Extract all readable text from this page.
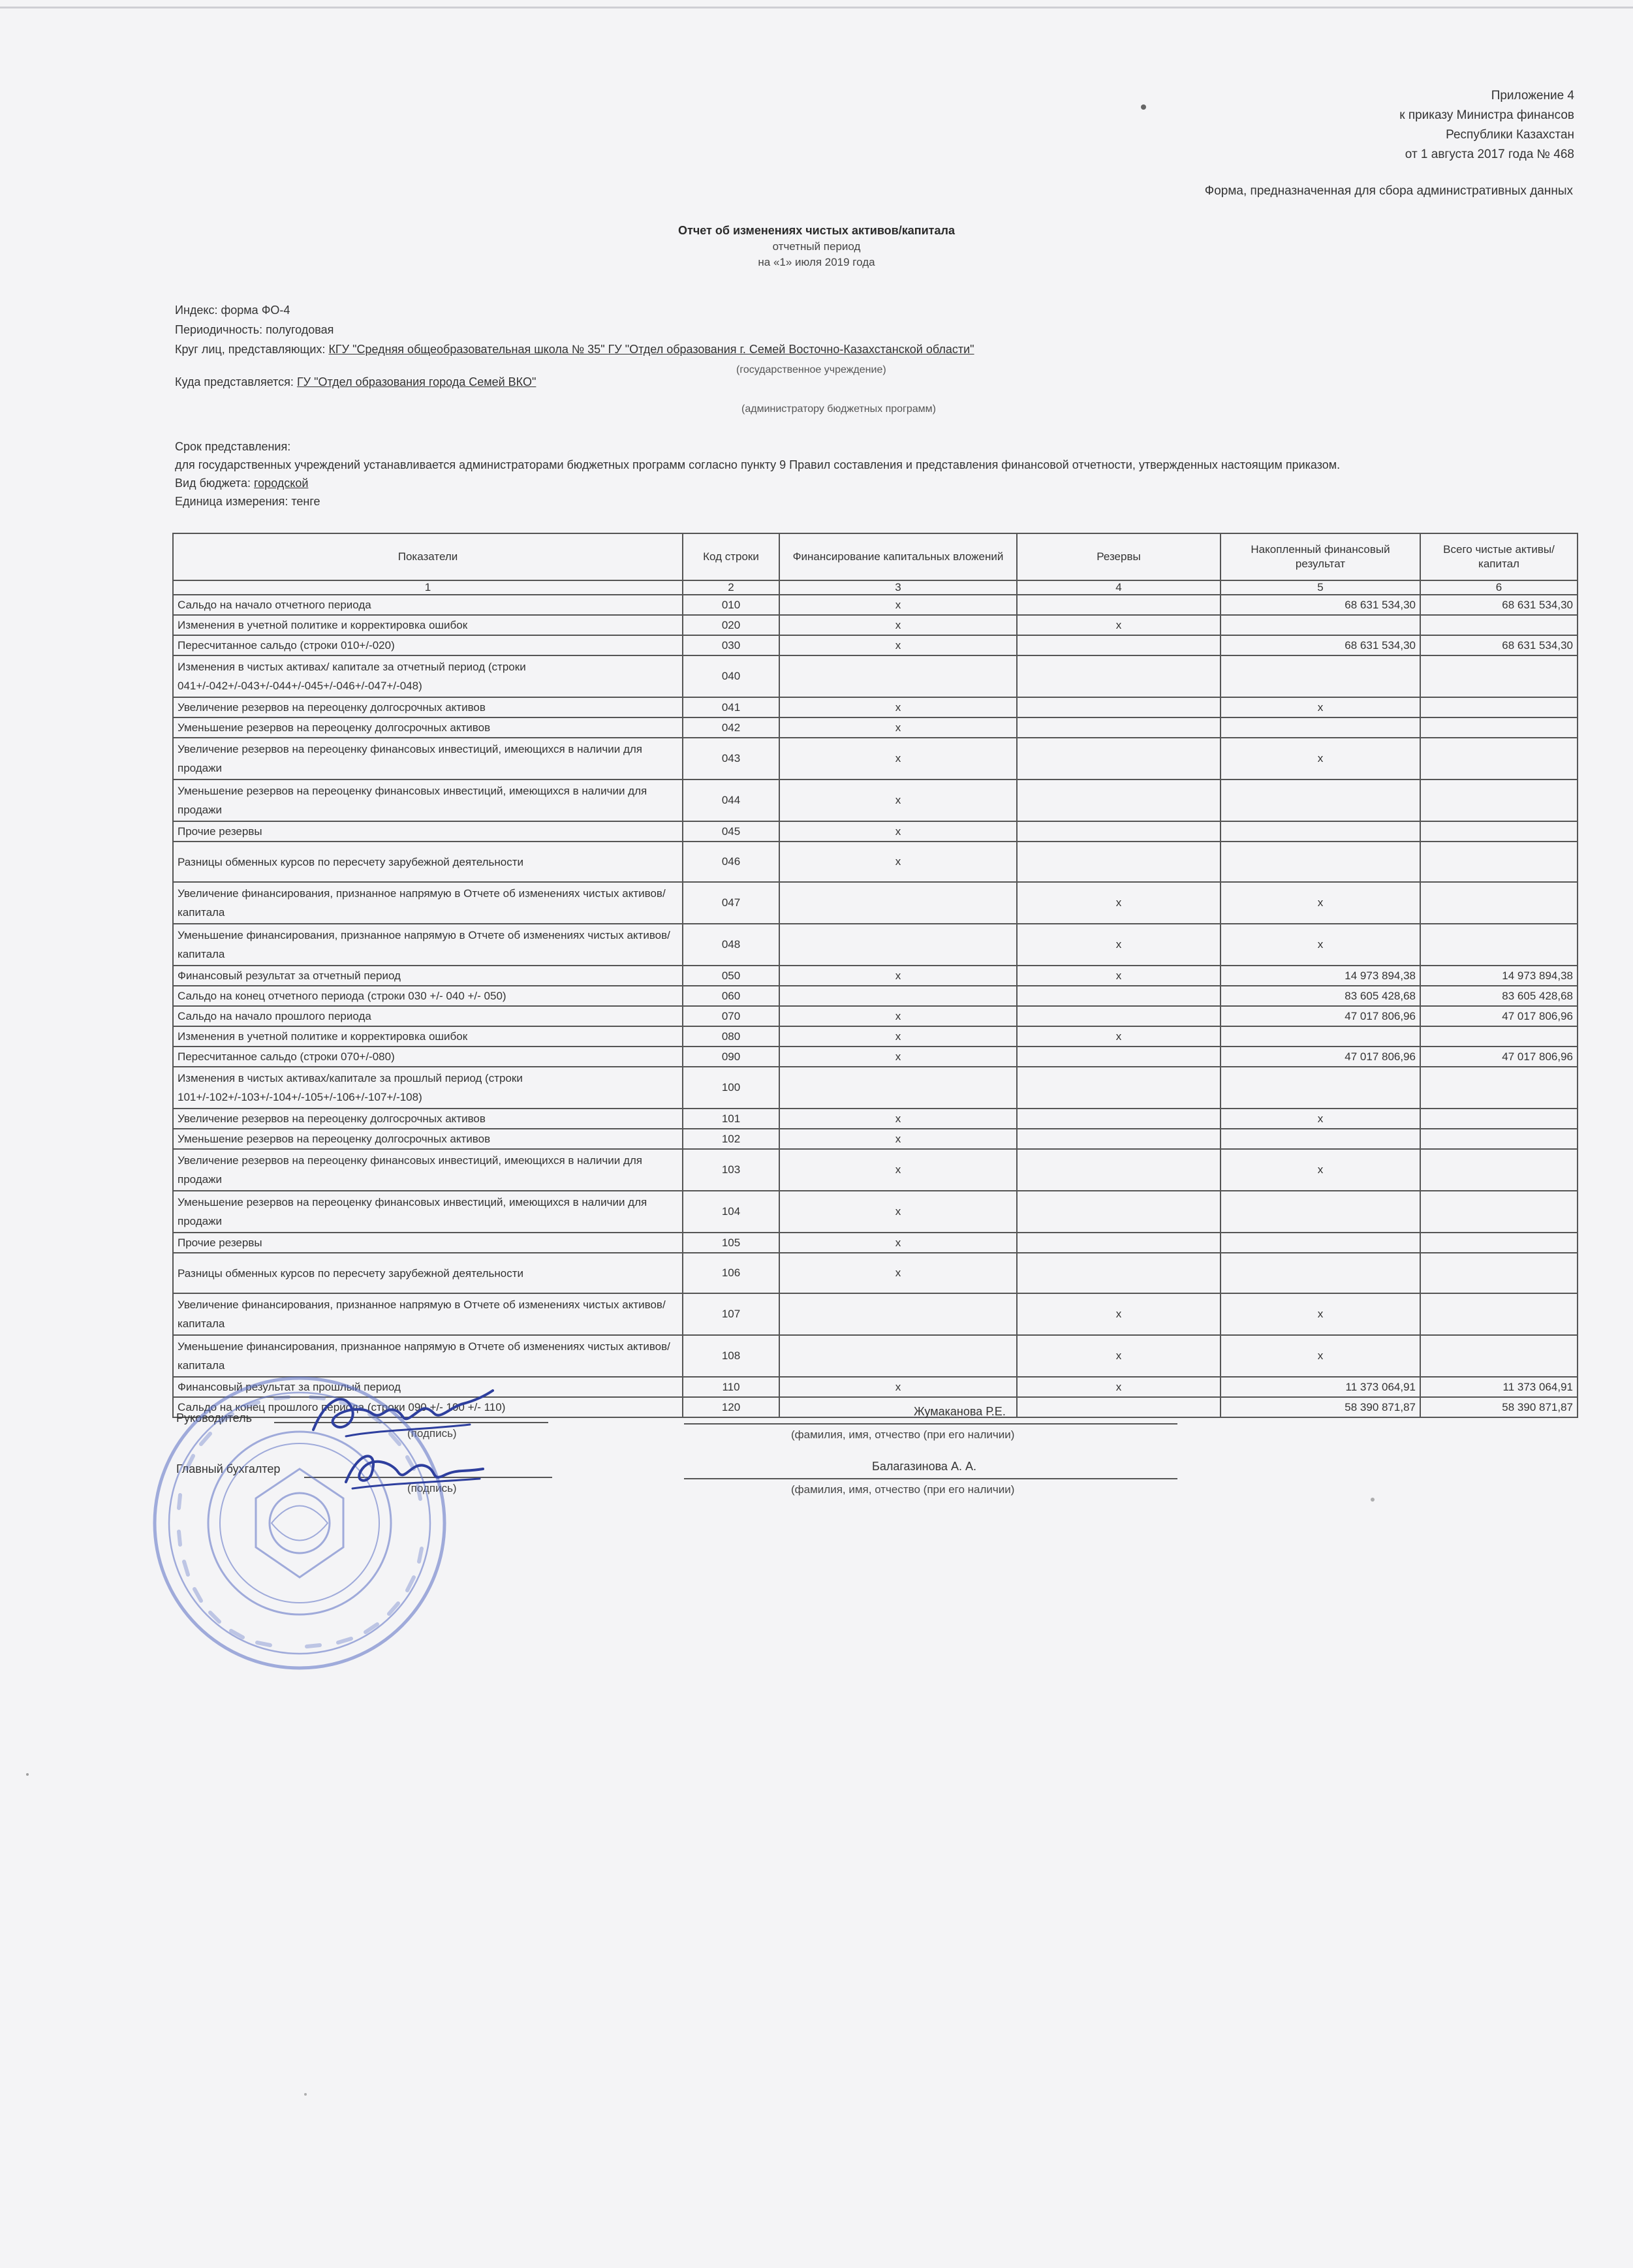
Приложение 4
к приказу Министра финансов
Республики Казахстан
от 1 августа 2017 года № 468
Форма, предназначенная для сбора административных данных
Отчет об изменениях чистых активов/капитала
отчетный период
на «1» июля 2019 года
Индекс: форма ФО-4
Периодичность: полугодовая
Круг лиц, представляющих: КГУ "Средняя общеобразовательная школа № 35" ГУ "Отдел образования г. Семей Восточно-Казахстанской области"
(государственное учреждение)
Куда представляется: ГУ "Отдел образования города Семей ВКО"
(администратору бюджетных программ)
Срок представления:
для государственных учреждений устанавливается администраторами бюджетных программ согласно пункту 9 Правил составления и представления финансовой отчетности, утвержденных настоящим приказом.
Вид бюджета: городской
Единица измерения: тенге
Показатели	Код строки	Финансирование капитальных вложений	Резервы	Накопленный финансовый результат	Всего чистые активы/капитал
1	2	3	4	5	6
Сальдо на начало отчетного периода	010	x		68 631 534,30	68 631 534,30
Изменения в учетной политике и корректировка ошибок	020	x	x		
Пересчитанное сальдо (строки 010+/-020)	030	x		68 631 534,30	68 631 534,30
Изменения в чистых активах/ капитале за отчетный период (строки 041+/-042+/-043+/-044+/-045+/-046+/-047+/-048)	040				
Увеличение резервов на переоценку долгосрочных активов	041	x		x	
Уменьшение резервов на переоценку долгосрочных активов	042	x			
Увеличение резервов на переоценку финансовых инвестиций, имеющихся в наличии для продажи	043	x		x	
Уменьшение резервов на переоценку финансовых инвестиций, имеющихся в наличии для продажи	044	x			
Прочие резервы	045	x			
Разницы обменных курсов по пересчету зарубежной деятельности	046	x			
Увеличение финансирования, признанное напрямую в Отчете об изменениях чистых активов/капитала	047		x	x	
Уменьшение финансирования, признанное напрямую в Отчете об изменениях чистых активов/капитала	048		x	x	
Финансовый результат за отчетный период	050	x	x	14 973 894,38	14 973 894,38
Сальдо на конец отчетного периода (строки 030 +/- 040 +/- 050)	060			83 605 428,68	83 605 428,68
Сальдо на начало прошлого периода	070	x		47 017 806,96	47 017 806,96
Изменения в учетной политике и корректировка ошибок	080	x	x		
Пересчитанное сальдо (строки 070+/-080)	090	x		47 017 806,96	47 017 806,96
Изменения в чистых активах/капитале за прошлый период (строки 101+/-102+/-103+/-104+/-105+/-106+/-107+/-108)	100				
Увеличение резервов на переоценку долгосрочных активов	101	x		x	
Уменьшение резервов на переоценку долгосрочных активов	102	x			
Увеличение резервов на переоценку финансовых инвестиций, имеющихся в наличии для продажи	103	x		x	
Уменьшение резервов на переоценку финансовых инвестиций, имеющихся в наличии для продажи	104	x			
Прочие резервы	105	x			
Разницы обменных курсов по пересчету зарубежной деятельности	106	x			
Увеличение финансирования, признанное напрямую в Отчете об изменениях чистых активов/капитала	107		x	x	
Уменьшение финансирования, признанное напрямую в Отчете об изменениях чистых активов/капитала	108		x	x	
Финансовый результат за прошлый период	110	x	x	11 373 064,91	11 373 064,91
Сальдо на конец прошлого периода (строки 090 +/- 100 +/- 110)	120			58 390 871,87	58 390 871,87
Руководитель
(подпись)
Жумаканова Р.Е.
(фамилия, имя, отчество (при его наличии)
Главный бухгалтер
(подпись)
Балагазинова А. А.
(фамилия, имя, отчество (при его наличии)
